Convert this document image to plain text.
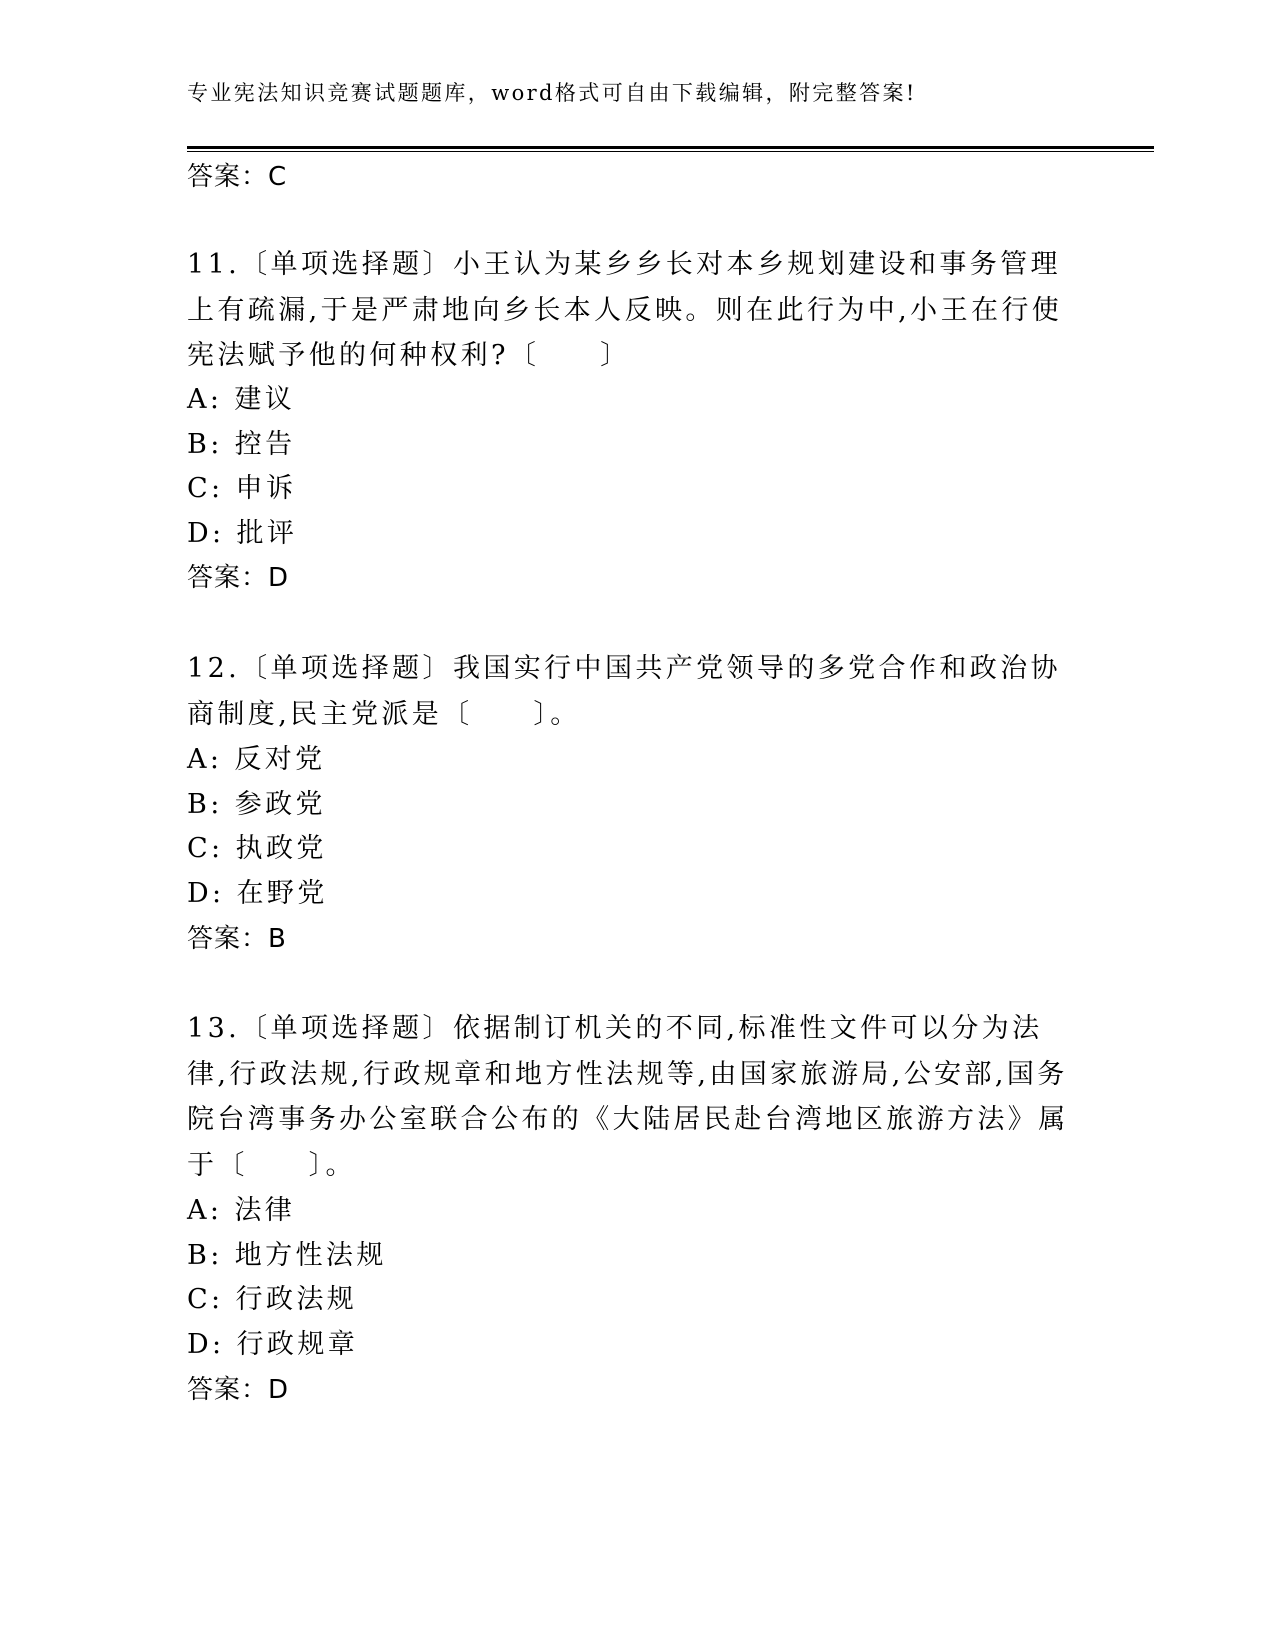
专业宪法知识竞赛试题题库，word格式可自由下载编辑，附完整答案!
答案：C
11.〔单项选择题〕小王认为某乡乡长对本乡规划建设和事务管理上有疏漏,于是严肃地向乡长本人反映。则在此行为中,小王在行使宪法赋予他的何种权利?〔　　〕
A: 建议
B: 控告
C: 申诉
D: 批评
答案：D
12.〔单项选择题〕我国实行中国共产党领导的多党合作和政治协商制度,民主党派是〔　　〕。
A: 反对党
B: 参政党
C: 执政党
D: 在野党
答案：B
13.〔单项选择题〕依据制订机关的不同,标准性文件可以分为法律,行政法规,行政规章和地方性法规等,由国家旅游局,公安部,国务院台湾事务办公室联合公布的《大陆居民赴台湾地区旅游方法》属于〔　　〕。
A: 法律
B: 地方性法规
C: 行政法规
D: 行政规章
答案：D
